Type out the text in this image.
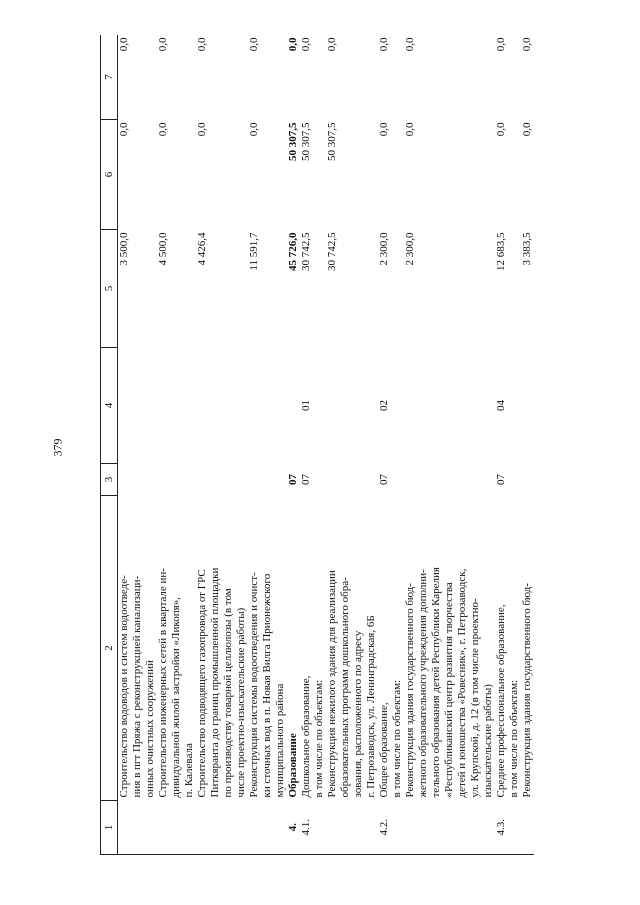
379
1	2	3	4	5	6	7
	Строительство водоводов и систем водоотведе-			3 500,0	0,0	0,0
	ния в пгт Пряжа с реконструкцией канализаци-					
	онных очистных сооружений					
	Строительство инженерных сетей в квартале ин-			4 500,0	0,0	0,0
	дивидуальной жилой застройки «Ликопя»,					
	п. Калевала					
	Строительство подводящего газопровода от ГРС			4 426,4	0,0	0,0
	Питкяранта до границ промышленной площадки					
	по производству товарной целлюлозы (в том					
	числе проектно-изыскательские работы)					
	Реконструкция системы водоотведения и очист-			11 591,7	0,0	0,0
	ки сточных вод в п. Новая Вилга Прионежского					
	муниципального района					
4.	Образование	07		45 726,0	50 307,5	0,0
4.1.	Дошкольное образование,	07	01	30 742,5	50 307,5	0,0
	в том числе по объектам:					
	Реконструкция нежилого здания для реализации			30 742,5	50 307,5	0,0
	образовательных программ дошкольного обра-					
	зования, расположенного по адресу					
	г. Петрозаводск, ул. Ленинградская, 6Б					
4.2.	Общее образование,	07	02	2 300,0	0,0	0,0
	в том числе по объектам:					
	Реконструкция здания государственного бюд-			2 300,0	0,0	0,0
	жетного образовательного учреждения дополни-					
	тельного образования детей Республики Карелия					
	«Республиканский центр развития творчества					
	детей и юношества «Ровесник», г. Петрозаводск,					
	ул. Крупской, д. 12 (в том числе проектно-					
	изыскательские работы)					
4.3.	Среднее профессиональное образование,	07	04	12 683,5	0,0	0,0
	в том числе по объектам:					
	Реконструкция здания государственного бюд-			3 383,5	0,0	0,0
